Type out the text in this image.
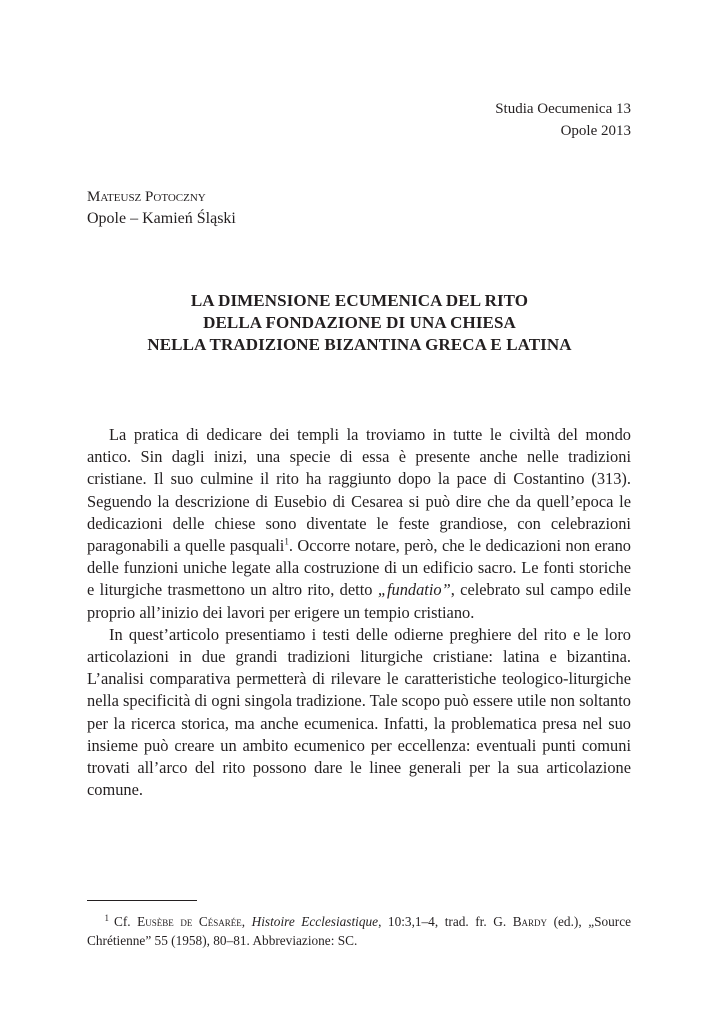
Studia Oecumenica 13
Opole 2013
Mateusz Potoczny
Opole – Kamień Śląski
LA DIMENSIONE ECUMENICA DEL RITO
DELLA FONDAZIONE DI UNA CHIESA
NELLA TRADIZIONE BIZANTINA GRECA E LATINA

La pratica di dedicare dei templi la troviamo in tutte le civiltà del mondo antico. Sin dagli inizi, una specie di essa è presente anche nelle tradizioni cristiane. Il suo culmine il rito ha raggiunto dopo la pace di Costantino (313). Seguendo la descrizione di Eusebio di Cesarea si può dire che da quell’epoca le dedicazioni delle chiese sono diventate le feste grandiose, con celebrazioni paragonabili a quelle pasquali$^1$. Occorre notare, però, che le dedicazioni non erano delle funzioni uniche legate alla costruzione di un edificio sacro. Le fonti storiche e liturgiche trasmettono un altro rito, detto „fundatio”, celebrato sul campo edile proprio all’inizio dei lavori per erigere un tempio cristiano.

In quest’articolo presentiamo i testi delle odierne preghiere del rito e le loro articolazioni in due grandi tradizioni liturgiche cristiane: latina e bizantina. L’analisi comparativa permetterà di rilevare le caratteristiche teologico-liturgiche nella specificità di ogni singola tradizione. Tale scopo può essere utile non soltanto per la ricerca storica, ma anche ecumenica. Infatti, la problematica presa nel suo insieme può creare un ambito ecumenico per eccellenza: eventuali punti comuni trovati all’arco del rito possono dare le linee generali per la sua articolazione comune.

1 Cf. Eusèbe de Césarée, Histoire Ecclesiastique, 10:3,1–4, trad. fr. G. Bardy (ed.), „Source Chrétienne” 55 (1958), 80–81. Abbreviazione: SC.
